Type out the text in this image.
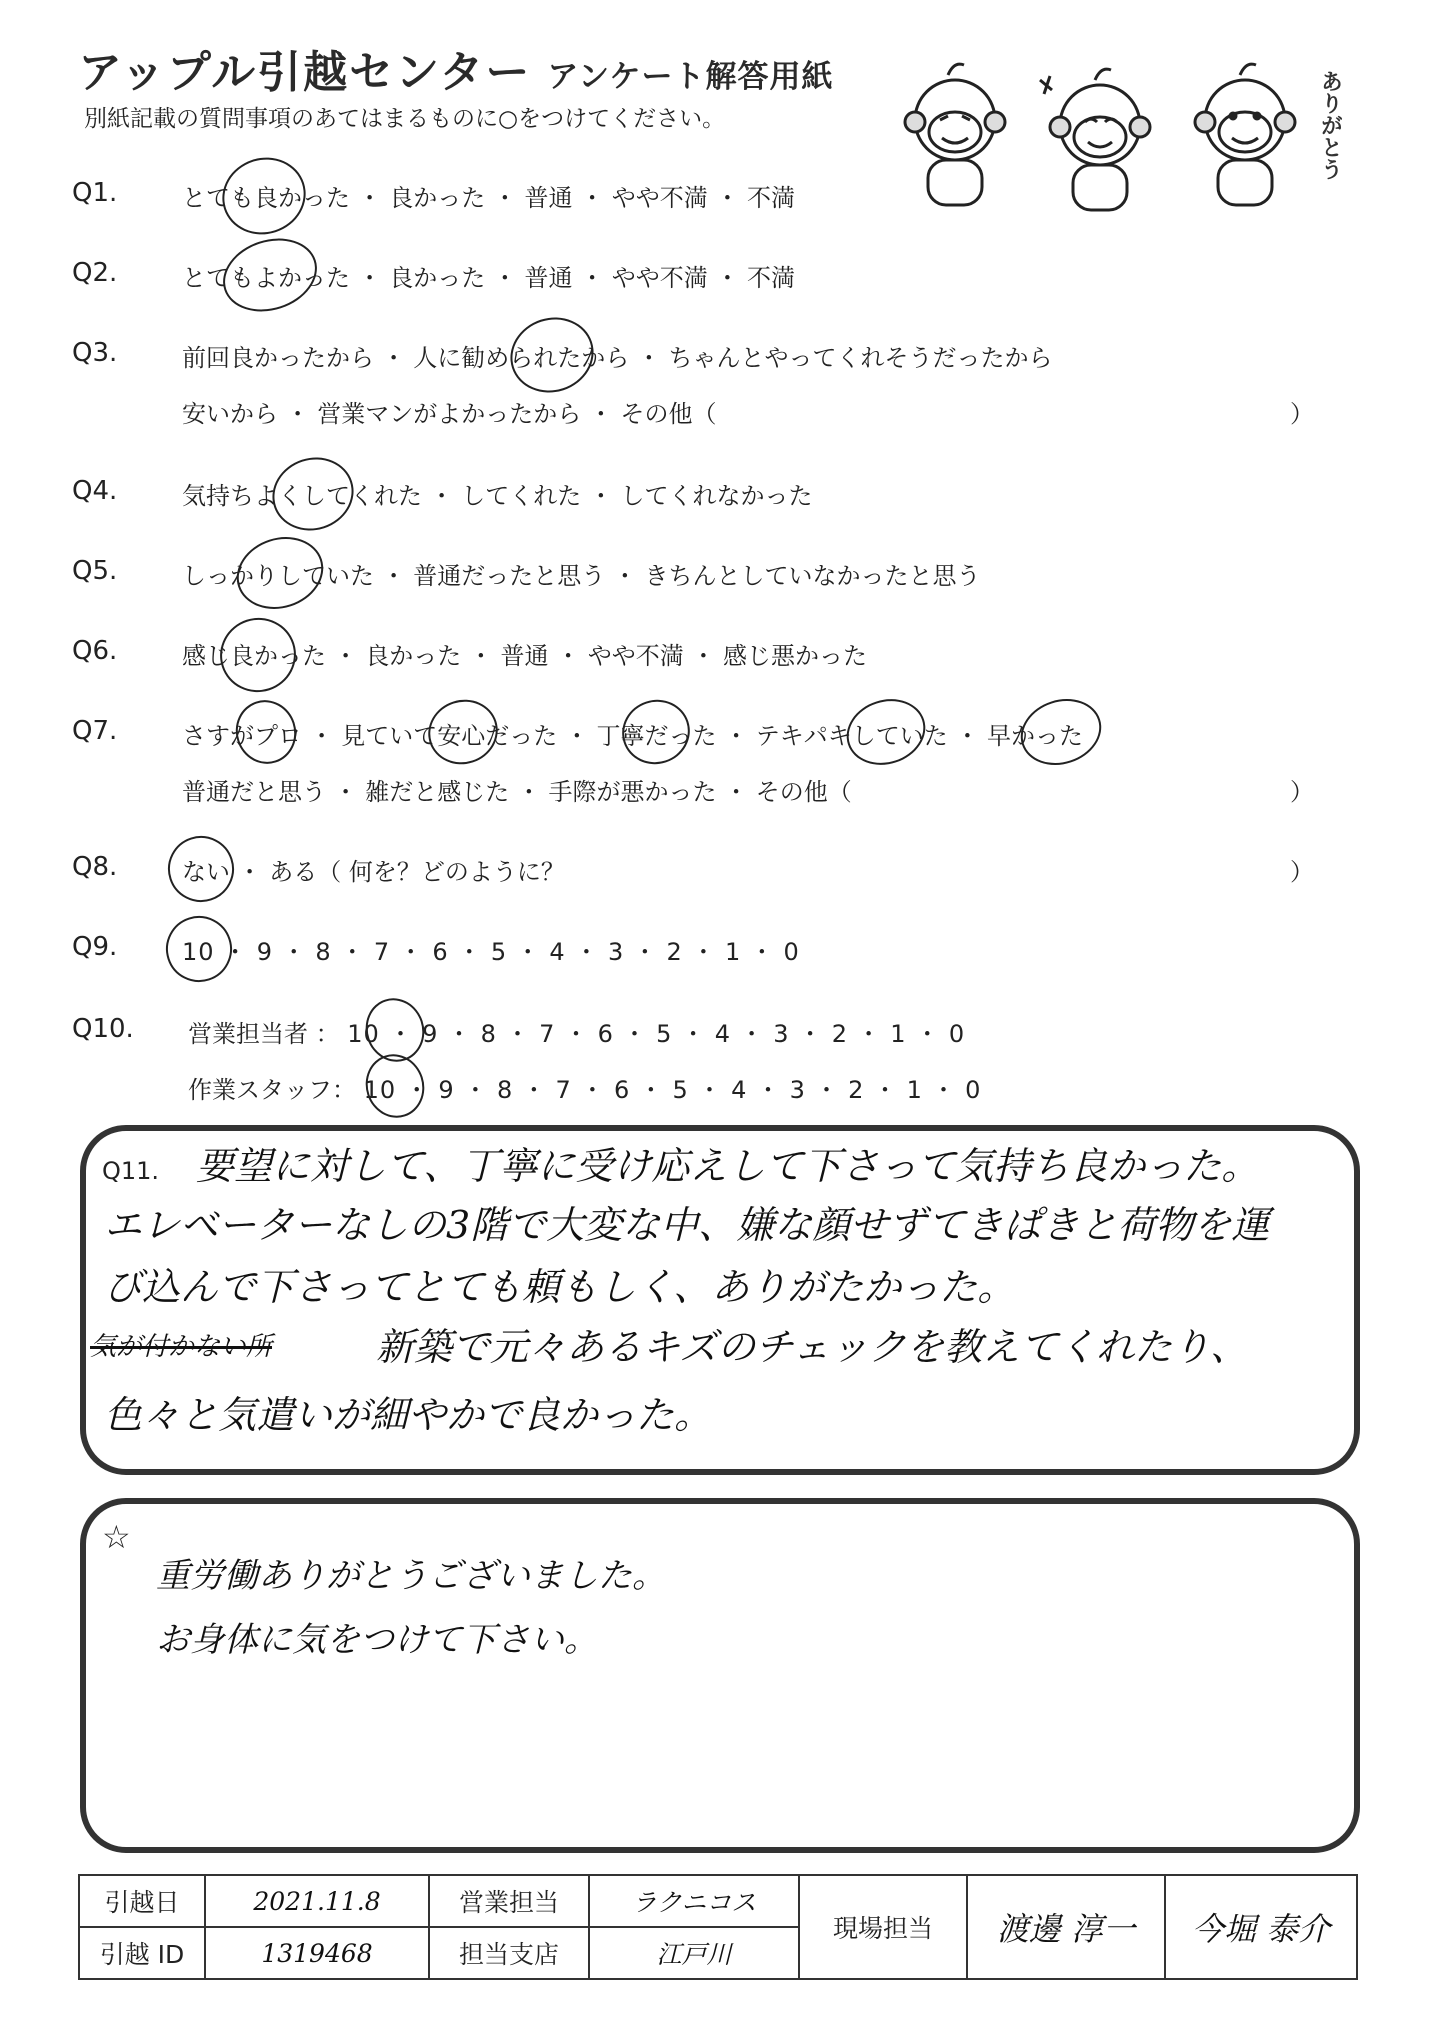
アップル引越センター アンケート解答用紙
別紙記載の質問事項のあてはまるものに○をつけてください。	ありがとう
Q1.	とても良かった ・ 良かった ・ 普通 ・ やや不満 ・ 不満
Q2.	とてもよかった ・ 良かった ・ 普通 ・ やや不満 ・ 不満
Q3.	前回良かったから ・ 人に勧められたから ・ ちゃんとやってくれそうだったから
安いから ・ 営業マンがよかったから ・ その他（	）
Q4.	気持ちよくしてくれた ・ してくれた ・ してくれなかった
Q5.	しっかりしていた ・ 普通だったと思う ・ きちんとしていなかったと思う
Q6.	感じ良かった ・ 良かった ・ 普通 ・ やや不満 ・ 感じ悪かった
Q7.	さすがプロ ・ 見ていて安心だった ・ 丁寧だった ・ テキパキしていた ・ 早かった
普通だと思う ・ 雑だと感じた ・ 手際が悪かった ・ その他（	）
Q8.	ない ・ ある（ 何を？どのように？	）
Q9.	10 ・ 9 ・ 8 ・ 7 ・ 6 ・ 5 ・ 4 ・ 3 ・ 2 ・ 1 ・ 0
Q10. 営業担当者 ： 10 ・ 9 ・ 8 ・ 7 ・ 6 ・ 5 ・ 4 ・ 3 ・ 2 ・ 1 ・ 0
作業スタッフ： 10 ・ 9 ・ 8 ・ 7 ・ 6 ・ 5 ・ 4 ・ 3 ・ 2 ・ 1 ・ 0
Q11. 要望に対して、丁寧に受け応えして下さって気持ち良かった。
エレベーターなしの3階で大変な中、嫌な顔せずてきぱきと荷物を運
び込んで下さってとても頼もしく、ありがたかった。
気が付かない所	新築で元々あるキズのチェックを教えてくれたり、
色々と気遣いが細やかで良かった。
☆
重労働ありがとうございました。
お身体に気をつけて下さい。
引越日	2021.11.8	営業担当	ラクニコス	現場担当	渡邊 淳一	今堀 泰介
引越 ID	1319468	担当支店	江戸川			
